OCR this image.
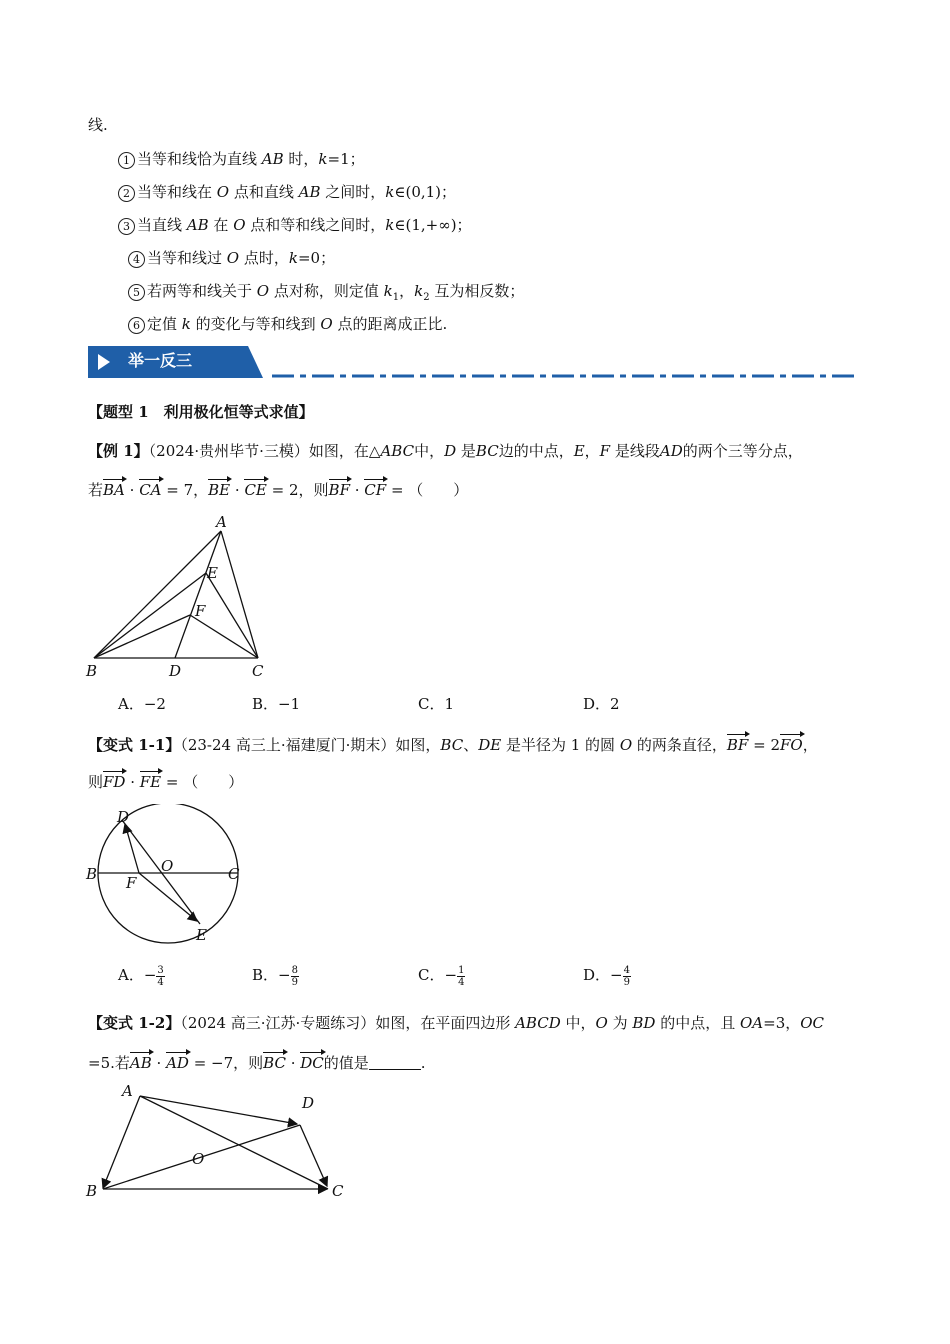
线.
1 当等和线恰为直线 AB 时，k=1；
2 当等和线在 O 点和直线 AB 之间时，k∈(0,1)；
3 当直线 AB 在 O 点和等和线之间时，k∈(1,+∞)；
4 当等和线过 O 点时，k=0；
5 若两等和线关于 O 点对称，则定值 $k_1$，$k_2$ 互为相反数；
6 定值 k 的变化与等和线到 O 点的距离成正比.
举一反三
【题型 1　利用极化恒等式求值】
【例 1】（2024·贵州毕节·三模）如图，在△ABC中，D 是BC边的中点，E，F 是线段AD的两个三等分点，
若BA · CA = 7，BE · CE = 2，则BF · CF = （　　）
A
B	C
D
E
F
A．−2	B．−1	C．1	D．2
【变式 1-1】（23-24 高三上·福建厦门·期末）如图，BC、DE 是半径为 1 的圆 O 的两条直径，BF = 2FO，
则FD · FE = （　　）
D
B	C
O
F
E
A．− $\frac{3}{4}$	B．− $\frac{8}{9}$	C．− $\frac{1}{4}$	D．− $\frac{4}{9}$
【变式 1-2】（2024 高三·江苏·专题练习）如图，在平面四边形 ABCD 中，O 为 BD 的中点，且 OA=3，OC
=5.若AB · AD = −7，则BC · DC的值是	.
A
B	C
D
O
